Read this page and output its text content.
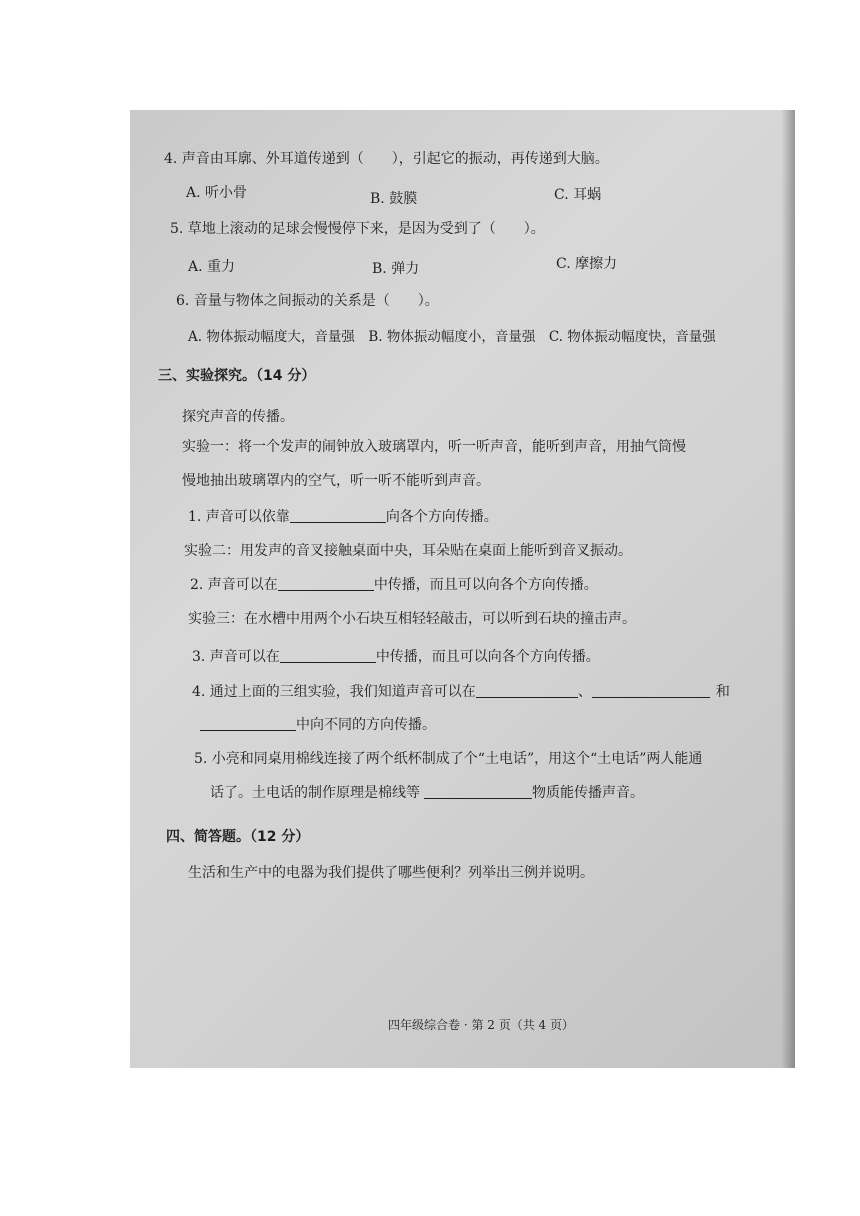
4. 声音由耳廓、外耳道传递到（　　），引起它的振动，再传递到大脑。
A. 听小骨	B. 鼓膜	C. 耳蜗
5. 草地上滚动的足球会慢慢停下来，是因为受到了（　　）。
A. 重力	B. 弹力	C. 摩擦力
6. 音量与物体之间振动的关系是（　　）。
A. 物体振动幅度大，音量强　B. 物体振动幅度小，音量强　C. 物体振动幅度快，音量强
三、实验探究。（14 分）
探究声音的传播。
实验一：将一个发声的闹钟放入玻璃罩内，听一听声音，能听到声音，用抽气筒慢
慢地抽出玻璃罩内的空气，听一听不能听到声音。
1. 声音可以依靠	向各个方向传播。
实验二：用发声的音叉接触桌面中央，耳朵贴在桌面上能听到音叉振动。
2. 声音可以在	中传播，而且可以向各个方向传播。
实验三：在水槽中用两个小石块互相轻轻敲击，可以听到石块的撞击声。
3. 声音可以在	中传播，而且可以向各个方向传播。
4. 通过上面的三组实验，我们知道声音可以在	、	和
中向不同的方向传播。
5. 小亮和同桌用棉线连接了两个纸杯制成了个“土电话”，用这个“土电话”两人能通
话了。土电话的制作原理是棉线等	物质能传播声音。
四、简答题。（12 分）
生活和生产中的电器为我们提供了哪些便利？列举出三例并说明。
四年级综合卷 · 第 2 页（共 4 页）
